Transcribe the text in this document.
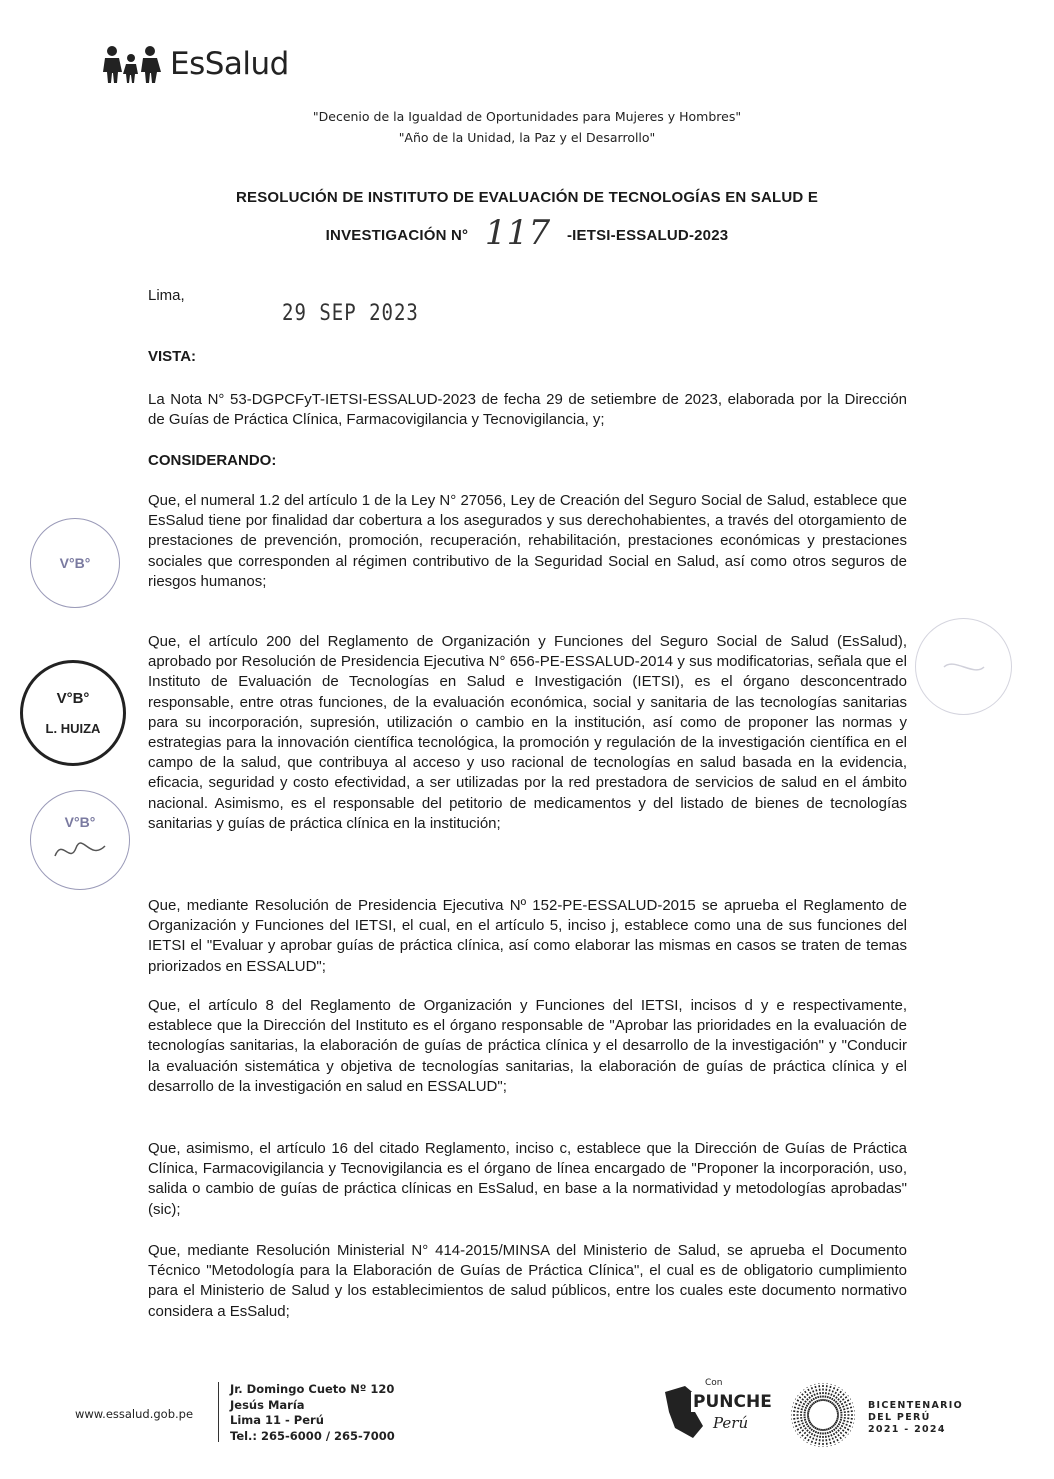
EsSalud
"Decenio de la Igualdad de Oportunidades para Mujeres y Hombres"
"Año de la Unidad, la Paz y el Desarrollo"
RESOLUCIÓN DE INSTITUTO DE EVALUACIÓN DE TECNOLOGÍAS EN SALUD E
INVESTIGACIÓN N° 117 -IETSI-ESSALUD-2023
Lima,
29 SEP 2023
VISTA:

La Nota N° 53-DGPCFyT-IETSI-ESSALUD-2023 de fecha 29 de setiembre de 2023, elaborada por la Dirección de Guías de Práctica Clínica, Farmacovigilancia y Tecnovigilancia, y;

CONSIDERANDO:

Que, el numeral 1.2 del artículo 1 de la Ley N° 27056, Ley de Creación del Seguro Social de Salud, establece que EsSalud tiene por finalidad dar cobertura a los asegurados y sus derechohabientes, a través del otorgamiento de prestaciones de prevención, promoción, recuperación, rehabilitación, prestaciones económicas y prestaciones sociales que corresponden al régimen contributivo de la Seguridad Social en Salud, así como otros seguros de riesgos humanos;

Que, el artículo 200 del Reglamento de Organización y Funciones del Seguro Social de Salud (EsSalud), aprobado por Resolución de Presidencia Ejecutiva N° 656-PE-ESSALUD-2014 y sus modificatorias, señala que el Instituto de Evaluación de Tecnologías en Salud e Investigación (IETSI), es el órgano desconcentrado responsable, entre otras funciones, de la evaluación económica, social y sanitaria de las tecnologías sanitarias para su incorporación, supresión, utilización o cambio en la institución, así como de proponer las normas y estrategias para la innovación científica tecnológica, la promoción y regulación de la investigación científica en el campo de la salud, que contribuya al acceso y uso racional de tecnologías en salud basada en la evidencia, eficacia, seguridad y costo efectividad, a ser utilizadas por la red prestadora de servicios de salud en el ámbito nacional. Asimismo, es el responsable del petitorio de medicamentos y del listado de bienes de tecnologías sanitarias y guías de práctica clínica en la institución;

Que, mediante Resolución de Presidencia Ejecutiva Nº 152-PE-ESSALUD-2015 se aprueba el Reglamento de Organización y Funciones del IETSI, el cual, en el artículo 5, inciso j, establece como una de sus funciones del IETSI el "Evaluar y aprobar guías de práctica clínica, así como elaborar las mismas en casos se traten de temas priorizados en ESSALUD";

Que, el artículo 8 del Reglamento de Organización y Funciones del IETSI, incisos d y e respectivamente, establece que la Dirección del Instituto es el órgano responsable de "Aprobar las prioridades en la evaluación de tecnologías sanitarias, la elaboración de guías de práctica clínica y el desarrollo de la investigación" y "Conducir la evaluación sistemática y objetiva de tecnologías sanitarias, la elaboración de guías de práctica clínica y el desarrollo de la investigación en salud en ESSALUD";

Que, asimismo, el artículo 16 del citado Reglamento, inciso c, establece que la Dirección de Guías de Práctica Clínica, Farmacovigilancia y Tecnovigilancia es el órgano de línea encargado de "Proponer la incorporación, uso, salida o cambio de guías de práctica clínicas en EsSalud, en base a la normatividad y metodologías aprobadas" (sic);

Que, mediante Resolución Ministerial N° 414-2015/MINSA del Ministerio de Salud, se aprueba el Documento Técnico "Metodología para la Elaboración de Guías de Práctica Clínica", el cual es de obligatorio cumplimiento para el Ministerio de Salud y los establecimientos de salud públicos, entre los cuales este documento normativo considera a EsSalud;

V°B°
V°B°
L. HUIZA
V°B°
www.essalud.gob.pe
Jr. Domingo Cueto Nº 120
Jesús María
Lima 11 - Perú
Tel.: 265-6000 / 265-7000
Con
PUNCHE
Perú
BICENTENARIO
DEL PERÚ
2021 - 2024
